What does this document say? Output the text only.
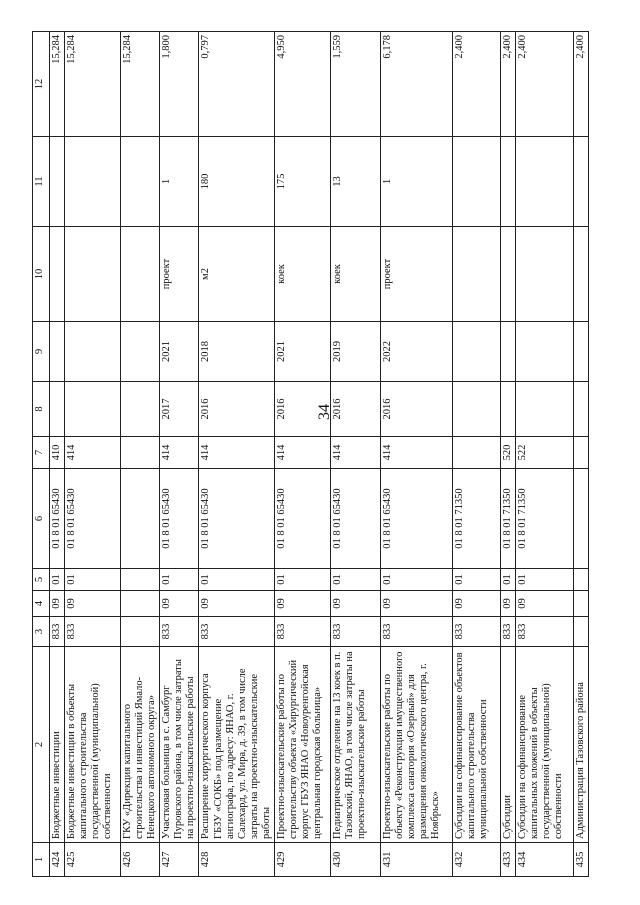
34
1	2	3	4	5	6	7	8	9	10	11	12
424	Бюджетные инвестиции	833	09	01	01 8 01 65430	410					15,284
425	Бюджетные инвестиции в объекты капитального строительства государственной (муниципальной) собственности	833	09	01	01 8 01 65430	414					15,284
426	ГКУ «Дирекция капитального строительства и инвестиций Ямало-Ненецкого автономного округа»										15,284
427	Участковая больница в с. Самбург Пуровского района, в том числе затраты на проектно-изыскательские работы	833	09	01	01 8 01 65430	414	2017	2021	проект	1	1,800
428	Расширение хирургического корпуса ГБЗУ «СОКБ» под размещение ангиографа, по адресу: ЯНАО, г. Салехард, ул. Мира, д. 39, в том числе затраты на проектно-изыскательские работы	833	09	01	01 8 01 65430	414	2016	2018	м2	180	0,797
429	Проектно-изыскательские работы по строительству объекта «Хирургический корпус ГБУЗ ЯНАО «Новоуренгойская центральная городская больница»	833	09	01	01 8 01 65430	414	2016	2021	коек	175	4,950
430	Педиатрическое отделение на 13 коек в п. Тазовский, ЯНАО, в том числе затраты на проектно-изыскательские работы	833	09	01	01 8 01 65430	414	2016	2019	коек	13	1,559
431	Проектно-изыскательские работы по объекту «Реконструкция имущественного комплекса санатория «Озерный» для размещения онкологического центра, г. Ноябрьск»	833	09	01	01 8 01 65430	414	2016	2022	проект	1	6,178
432	Субсидии на софинансирование объектов капитального строительства муниципальной собственности	833	09	01	01 8 01 71350						2,400
433	Субсидии	833	09	01	01 8 01 71350	520					2,400
434	Субсидии на софинансирование капитальных вложений в объекты государственной (муниципальной) собственности	833	09	01	01 8 01 71350	522					2,400
435	Администрация Тазовского района										2,400
